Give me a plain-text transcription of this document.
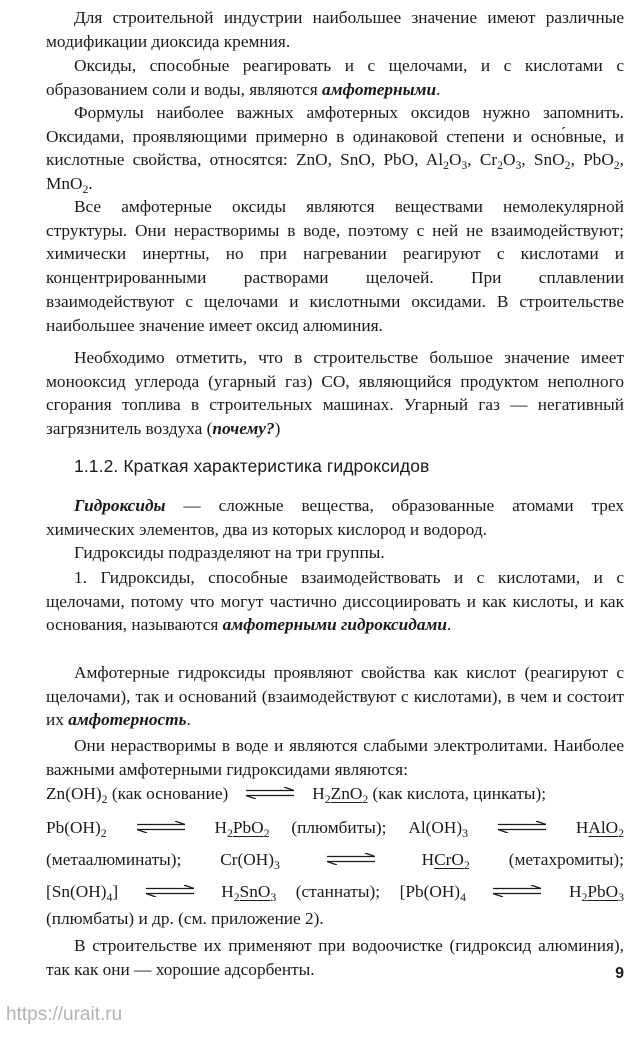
Для строительной индустрии наибольшее значение имеют различные модификации диоксида кремния.

Оксиды, способные реагировать и с щелочами, и с кислотами с образованием соли и воды, являются амфотерными.

Формулы наиболее важных амфотерных оксидов нужно запомнить. Оксидами, проявляющими примерно в одинаковой степени и осно́вные, и кислотные свойства, относятся: ZnO, SnO, PbO, $Al_2O_3$, $Cr_2O_3$, SnO$_2$, PbO$_2$, MnO$_2$.

Все амфотерные оксиды являются веществами немолекулярной структуры. Они нерастворимы в воде, поэтому с ней не взаимодействуют; химически инертны, но при нагревании реагируют с кислотами и концентрированными растворами щелочей. При сплавлении взаимодействуют с щелочами и кислотными оксидами. В строительстве наибольшее значение имеет оксид алюминия.

Необходимо отметить, что в строительстве большое значение имеет монооксид углерода (угарный газ) CO, являющийся продуктом неполного сгорания топлива в строительных машинах. Угарный газ — негативный загрязнитель воздуха (почему?)

1.1.2. Краткая характеристика гидроксидов

Гидроксиды — сложные вещества, образованные атомами трех химических элементов, два из которых кислород и водород.

Гидроксиды подразделяют на три группы.

1. Гидроксиды, способные взаимодействовать и с кислотами, и с щелочами, потому что могут частично диссоциировать и как кислоты, и как основания, называются амфотерными гидроксидами.

Амфотерные гидроксиды проявляют свойства как кислот (реагируют с щелочами), так и оснований (взаимодействуют с кислотами), в чем и состоит их амфотерность.

Они нерастворимы в воде и являются слабыми электролитами. Наиболее важными амфотерными гидроксидами являются:

$Zn(OH)_2$ (как основание)	$H_2ZnO_2$ (как кислота, цинкаты);
$Pb(OH)_2$	$H_2PbO_2$ (плюмбиты); $Al(OH)_3$	HAlO$_2$
(метаалюминаты); $Cr(OH)_3$	HCrO$_2$ (метахромиты);
$[Sn(OH)_4]$	$H_2SnO_3$ (станнаты); [$Pb(OH)_4$	$H_2PbO_3$

(плюмбаты) и др. (см. приложение 2).

В строительстве их применяют при водоочистке (гидроксид алюминия), так как они — хорошие адсорбенты.	9
https://urait.ru
